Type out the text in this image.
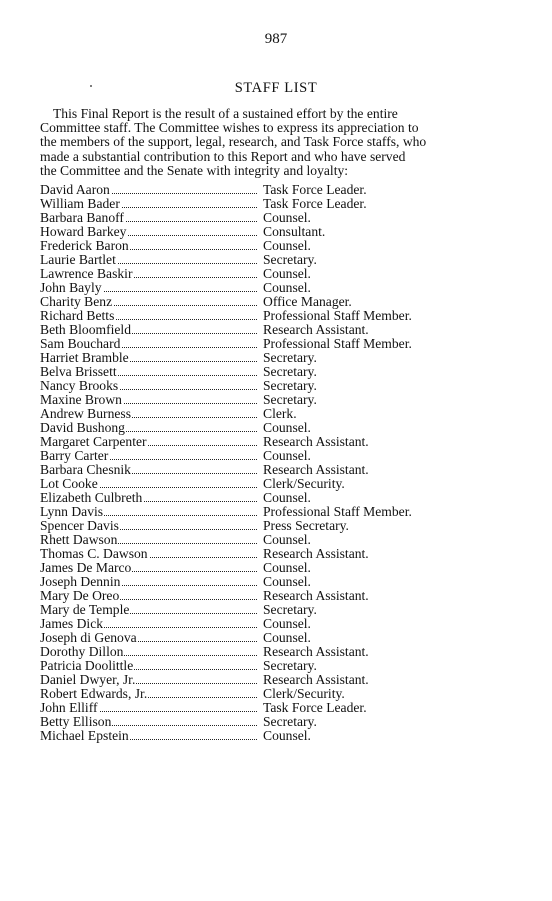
987
STAFF LIST
This Final Report is the result of a sustained effort by the entire
Committee staff. The Committee wishes to express its appreciation to
the members of the support, legal, research, and Task Force staffs, who
made a substantial contribution to this Report and who have served
the Committee and the Senate with integrity and loyalty:
David Aaron	Task Force Leader.
William Bader	Task Force Leader.
Barbara Banoff	Counsel.
Howard Barkey	Consultant.
Frederick Baron	Counsel.
Laurie Bartlet	Secretary.
Lawrence Baskir	Counsel.
John Bayly	Counsel.
Charity Benz	Office Manager.
Richard Betts	Professional Staff Member.
Beth Bloomfield	Research Assistant.
Sam Bouchard	Professional Staff Member.
Harriet Bramble	Secretary.
Belva Brissett	Secretary.
Nancy Brooks	Secretary.
Maxine Brown	Secretary.
Andrew Burness	Clerk.
David Bushong	Counsel.
Margaret Carpenter	Research Assistant.
Barry Carter	Counsel.
Barbara Chesnik	Research Assistant.
Lot Cooke	Clerk/Security.
Elizabeth Culbreth	Counsel.
Lynn Davis	Professional Staff Member.
Spencer Davis	Press Secretary.
Rhett Dawson	Counsel.
Thomas C. Dawson	Research Assistant.
James De Marco	Counsel.
Joseph Dennin	Counsel.
Mary De Oreo	Research Assistant.
Mary de Temple	Secretary.
James Dick	Counsel.
Joseph di Genova	Counsel.
Dorothy Dillon	Research Assistant.
Patricia Doolittle	Secretary.
Daniel Dwyer, Jr.	Research Assistant.
Robert Edwards, Jr.	Clerk/Security.
John Elliff	Task Force Leader.
Betty Ellison	Secretary.
Michael Epstein	Counsel.
